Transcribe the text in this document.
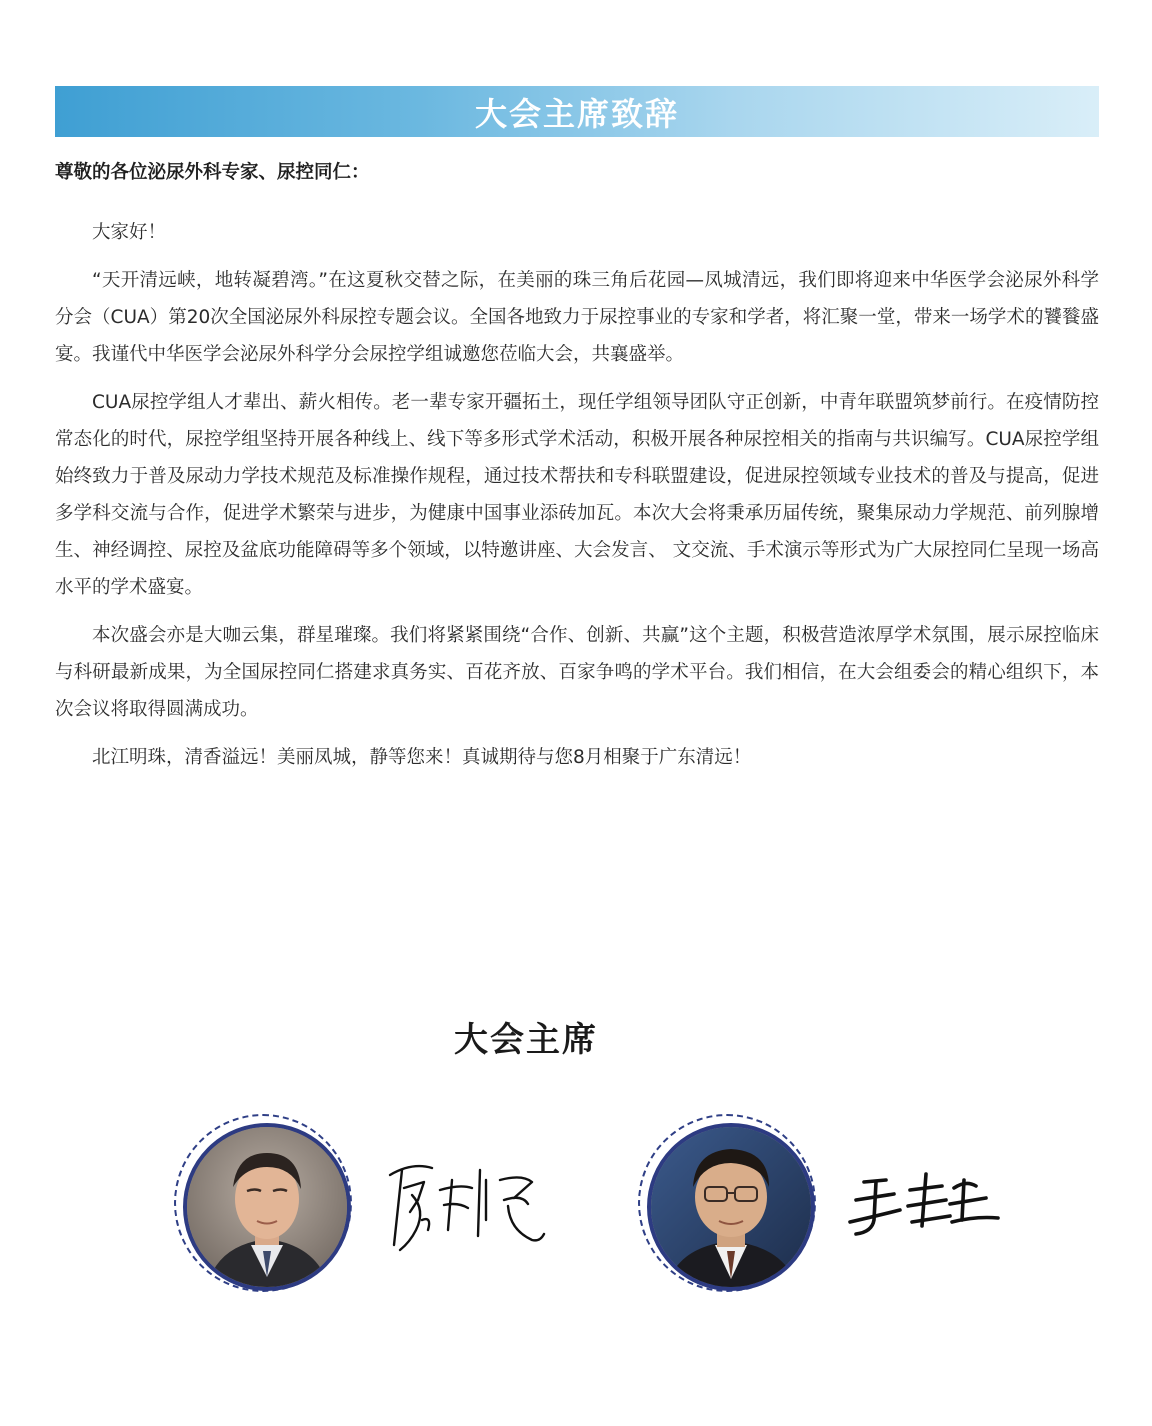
大会主席致辞
尊敬的各位泌尿外科专家、尿控同仁：

大家好！

“天开清远峡，地转凝碧湾。”在这夏秋交替之际，在美丽的珠三角后花园—凤城清远，我们即将迎来中华医学会泌尿外科学分会（CUA）第20次全国泌尿外科尿控专题会议。全国各地致力于尿控事业的专家和学者，将汇聚一堂，带来一场学术的饕餮盛宴。我谨代中华医学会泌尿外科学分会尿控学组诚邀您莅临大会，共襄盛举。

CUA尿控学组人才辈出、薪火相传。老一辈专家开疆拓土，现任学组领导团队守正创新，中青年联盟筑梦前行。在疫情防控常态化的时代，尿控学组坚持开展各种线上、线下等多形式学术活动，积极开展各种尿控相关的指南与共识编写。CUA尿控学组始终致力于普及尿动力学技术规范及标准操作规程，通过技术帮扶和专科联盟建设，促进尿控领域专业技术的普及与提高，促进多学科交流与合作，促进学术繁荣与进步，为健康中国事业添砖加瓦。本次大会将秉承历届传统，聚集尿动力学规范、前列腺增生、神经调控、尿控及盆底功能障碍等多个领域，以特邀讲座、大会发言、 文交流、手术演示等形式为广大尿控同仁呈现一场高水平的学术盛宴。

本次盛会亦是大咖云集，群星璀璨。我们将紧紧围绕“合作、创新、共赢”这个主题，积极营造浓厚学术氛围，展示尿控临床与科研最新成果，为全国尿控同仁搭建求真务实、百花齐放、百家争鸣的学术平台。我们相信，在大会组委会的精心组织下，本次会议将取得圆满成功。

北江明珠，清香溢远！美丽凤城，静等您来！真诚期待与您8月相聚于广东清远！

大会主席
